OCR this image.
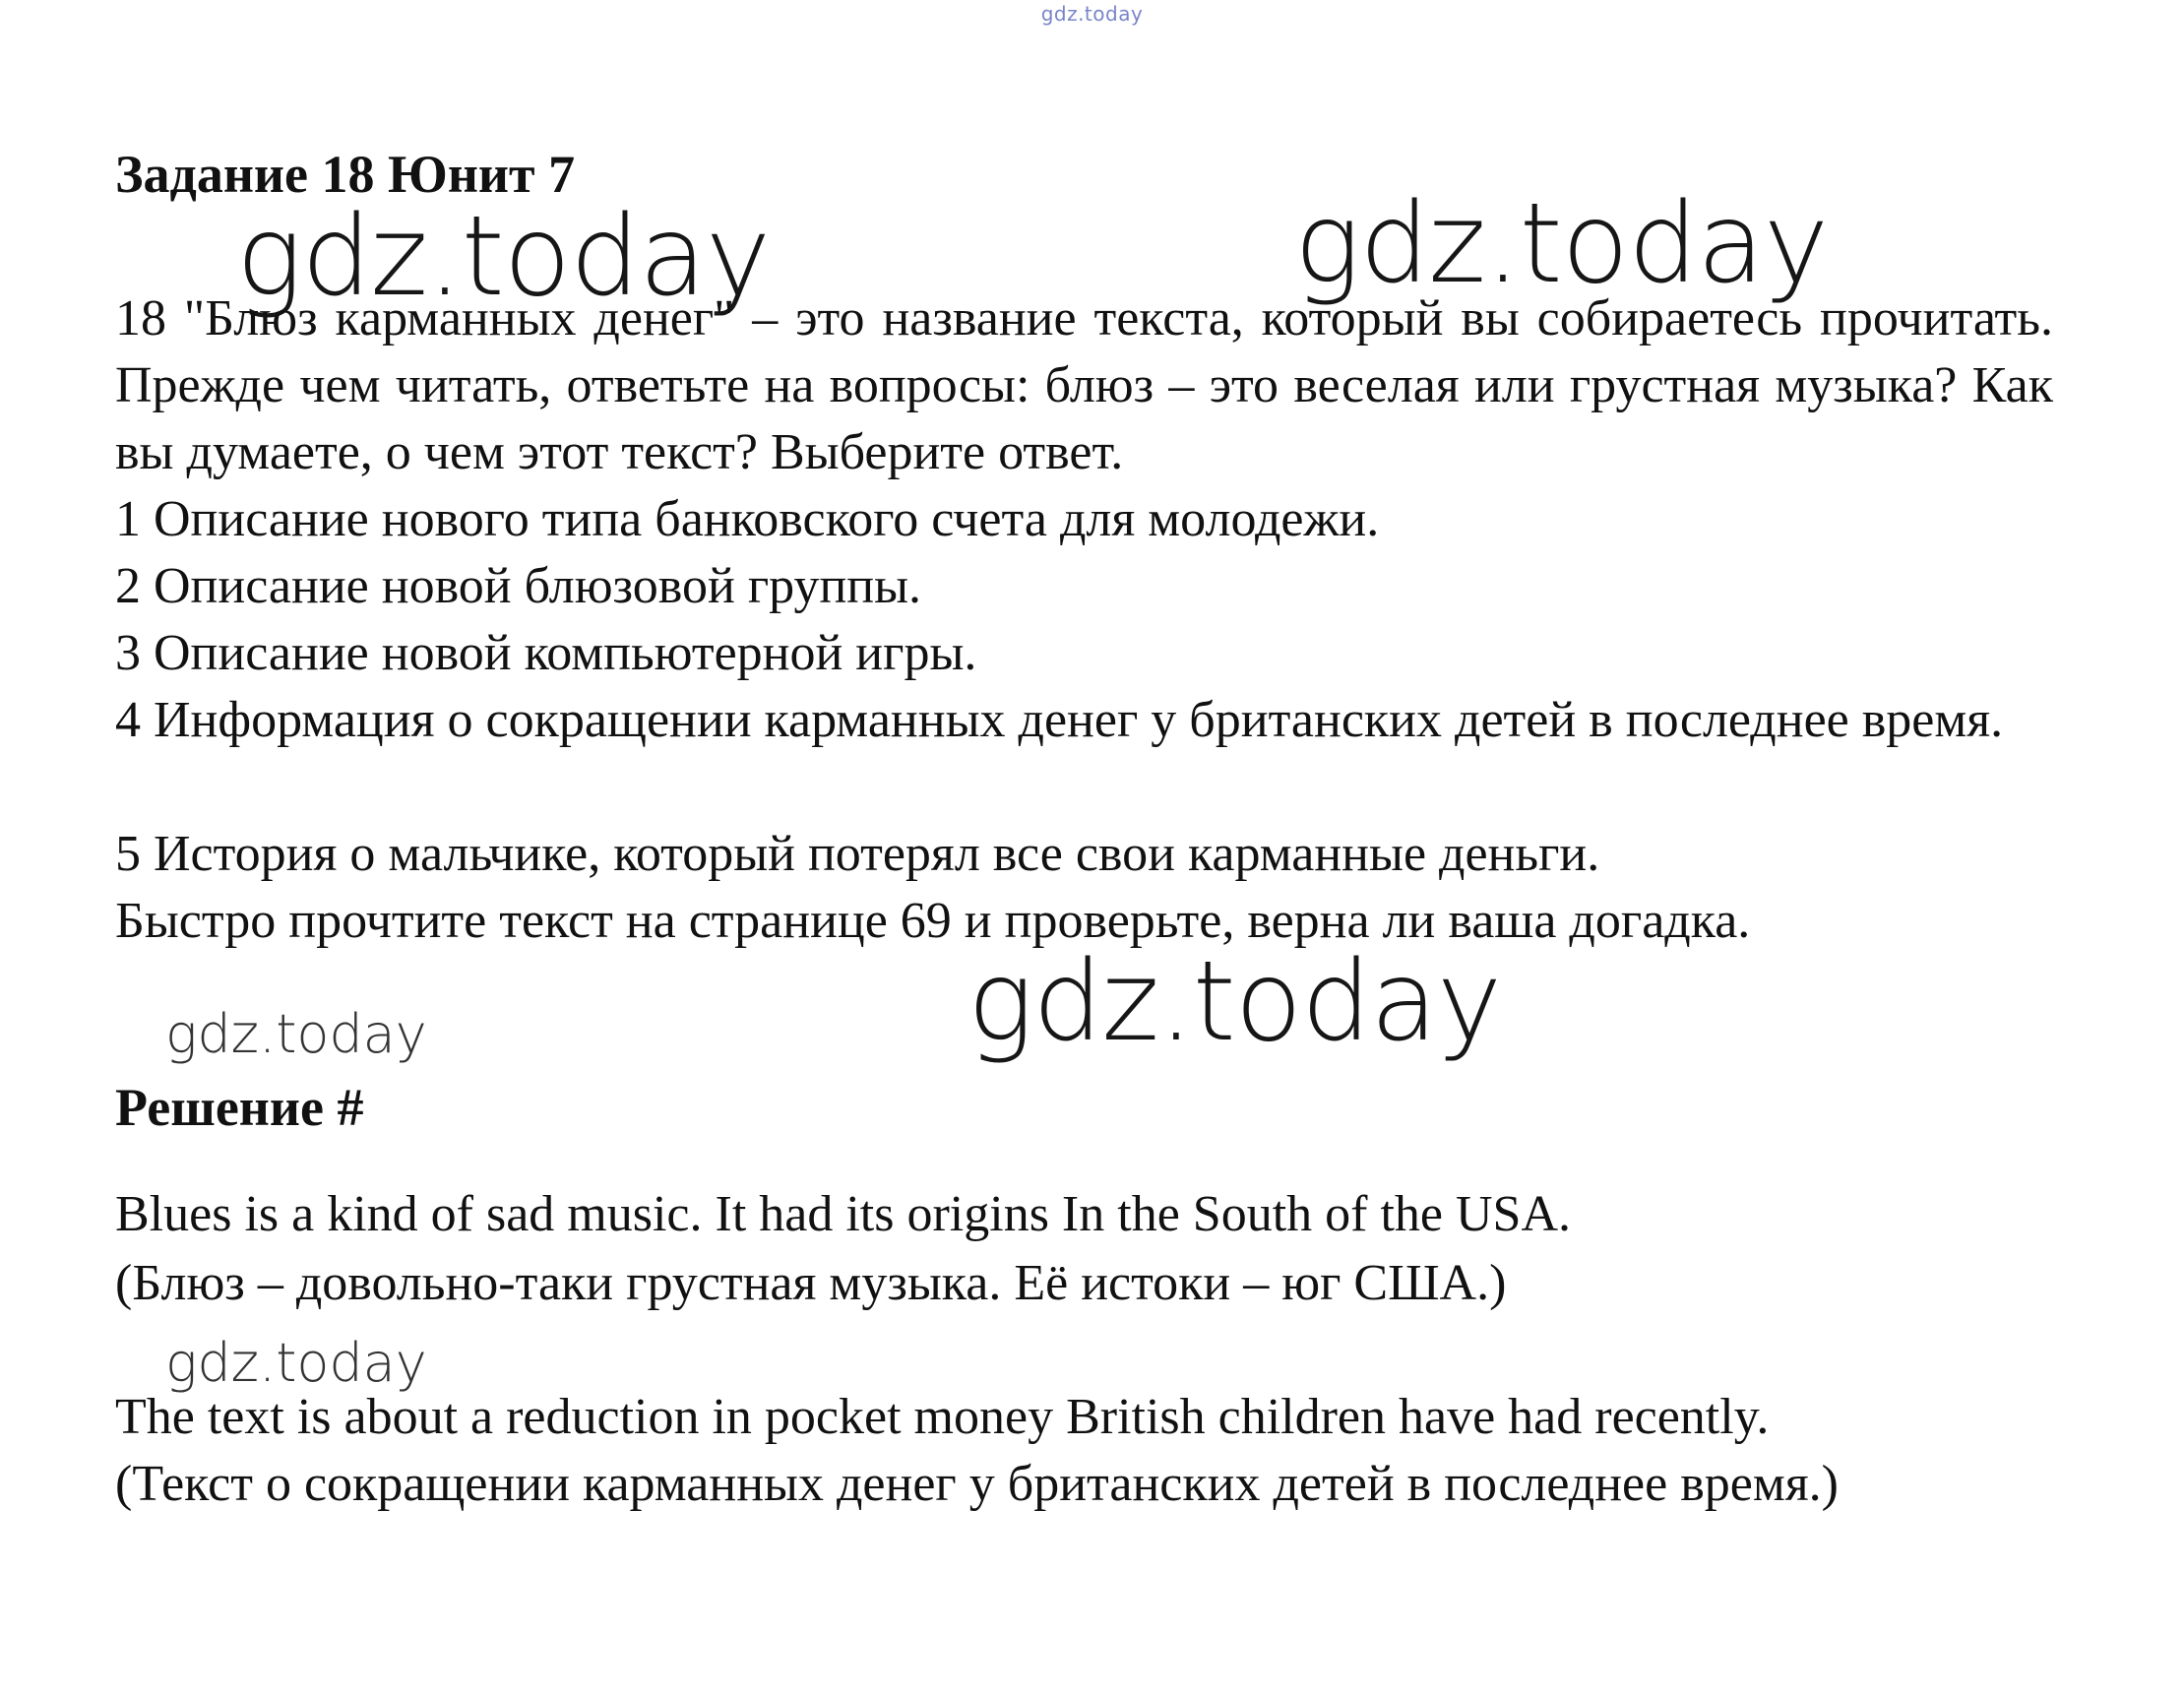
gdz.today
Задание 18 Юнит 7
gdz.today	gdz.today
18 "Блюз карманных денег" – это название текста, который вы собираетесь прочитать. Прежде чем читать, ответьте на вопросы: блюз – это веселая или грустная музыка? Как вы думаете, о чем этот текст? Выберите ответ.
1 Описание нового типа банковского счета для молодежи.
2 Описание новой блюзовой группы.
3 Описание новой компьютерной игры.
4 Информация о сокращении карманных денег у британских детей в последнее время.
5 История о мальчике, который потерял все свои карманные деньги.
Быстро прочтите текст на странице 69 и проверьте, верна ли ваша догадка.
gdz.today	gdz.today
Решение #
Blues is a kind of sad music. It had its origins In the South of the USA.
(Блюз – довольно-таки грустная музыка. Её истоки – юг США.)
gdz.today
The text is about a reduction in pocket money British children have had recently.
(Текст о сокращении карманных денег у британских детей в последнее время.)
